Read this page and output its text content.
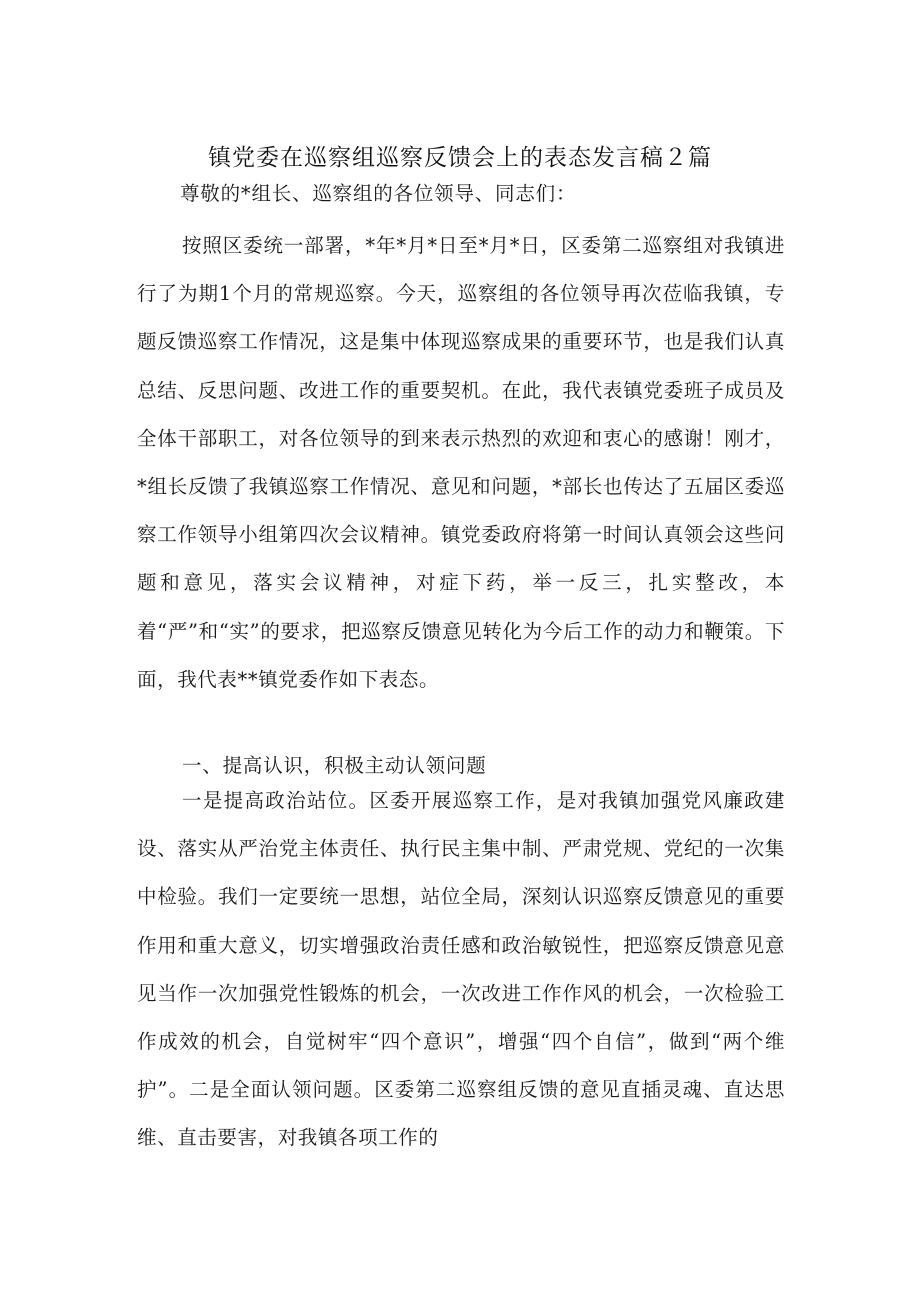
镇党委在巡察组巡察反馈会上的表态发言稿２篇

尊敬的*组长、巡察组的各位领导、同志们：

按照区委统一部署，*年*月*日至*月*日，区委第二巡察组对我镇进行了为期1个月的常规巡察。今天，巡察组的各位领导再次莅临我镇，专题反馈巡察工作情况，这是集中体现巡察成果的重要环节，也是我们认真总结、反思问题、改进工作的重要契机。在此，我代表镇党委班子成员及全体干部职工，对各位领导的到来表示热烈的欢迎和衷心的感谢！刚才，*组长反馈了我镇巡察工作情况、意见和问题，*部长也传达了五届区委巡察工作领导小组第四次会议精神。镇党委政府将第一时间认真领会这些问题和意见，落实会议精神，对症下药，举一反三，扎实整改，本着“严”和“实”的要求，把巡察反馈意见转化为今后工作的动力和鞭策。下面，我代表**镇党委作如下表态。

一、提高认识，积极主动认领问题

一是提高政治站位。区委开展巡察工作，是对我镇加强党风廉政建设、落实从严治党主体责任、执行民主集中制、严肃党规、党纪的一次集中检验。我们一定要统一思想，站位全局，深刻认识巡察反馈意见的重要作用和重大意义，切实增强政治责任感和政治敏锐性，把巡察反馈意见意见当作一次加强党性锻炼的机会，一次改进工作作风的机会，一次检验工作成效的机会，自觉树牢“四个意识”，增强“四个自信”，做到“两个维护”。二是全面认领问题。区委第二巡察组反馈的意见直插灵魂、直达思维、直击要害，对我镇各项工作的
